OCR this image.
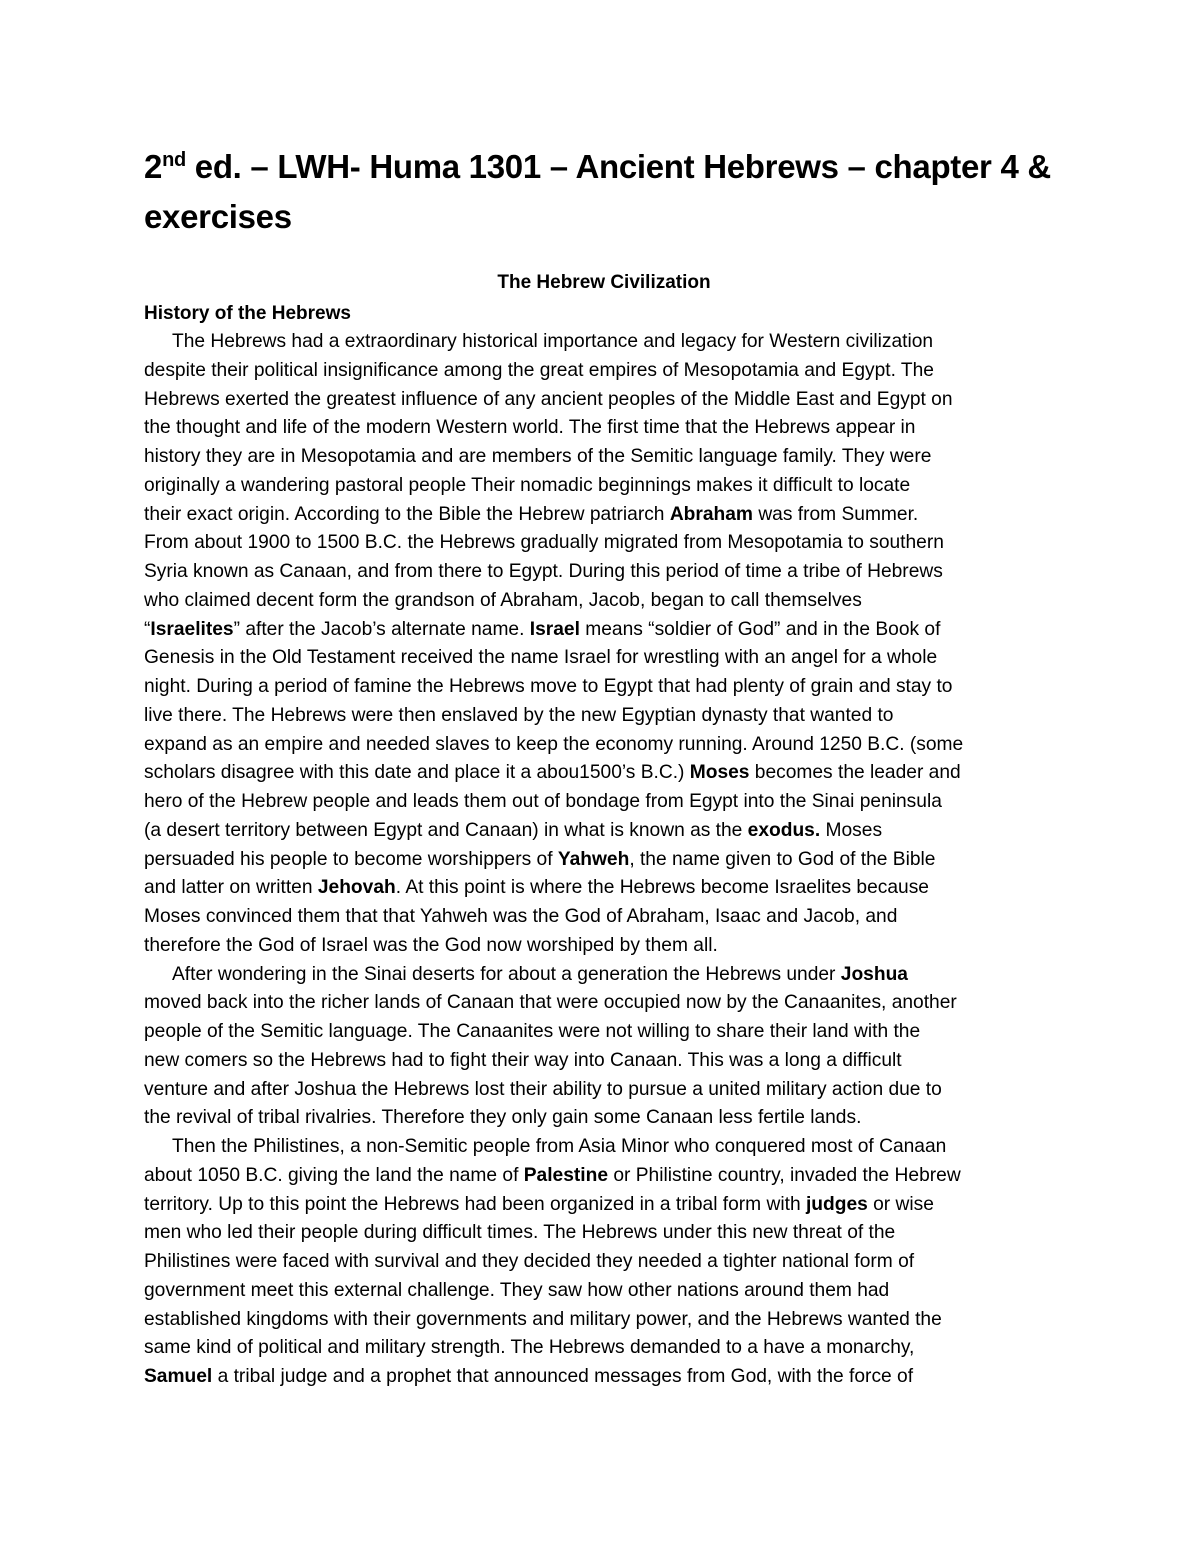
2nd ed. – LWH- Huma 1301 – Ancient Hebrews – chapter 4 & exercises
The Hebrew Civilization
History of the Hebrews

The Hebrews had a extraordinary historical importance and legacy for Western civilization
despite their political insignificance among the great empires of Mesopotamia and Egypt. The
Hebrews exerted the greatest influence of any ancient peoples of the Middle East and Egypt on
the thought and life of the modern Western world. The first time that the Hebrews appear in
history they are in Mesopotamia and are members of the Semitic language family. They were
originally a wandering pastoral people Their nomadic beginnings makes it difficult to locate
their exact origin. According to the Bible the Hebrew patriarch Abraham was from Summer.
From about 1900 to 1500 B.C. the Hebrews gradually migrated from Mesopotamia to southern
Syria known as Canaan, and from there to Egypt. During this period of time a tribe of Hebrews
who claimed decent form the grandson of Abraham, Jacob, began to call themselves
“Israelites” after the Jacob’s alternate name. Israel means “soldier of God” and in the Book of
Genesis in the Old Testament received the name Israel for wrestling with an angel for a whole
night. During a period of famine the Hebrews move to Egypt that had plenty of grain and stay to
live there. The Hebrews were then enslaved by the new Egyptian dynasty that wanted to
expand as an empire and needed slaves to keep the economy running. Around 1250 B.C. (some
scholars disagree with this date and place it a abou1500’s B.C.) Moses becomes the leader and
hero of the Hebrew people and leads them out of bondage from Egypt into the Sinai peninsula
(a desert territory between Egypt and Canaan) in what is known as the exodus. Moses
persuaded his people to become worshippers of Yahweh, the name given to God of the Bible
and latter on written Jehovah. At this point is where the Hebrews become Israelites because
Moses convinced them that that Yahweh was the God of Abraham, Isaac and Jacob, and
therefore the God of Israel was the God now worshiped by them all.

After wondering in the Sinai deserts for about a generation the Hebrews under Joshua
moved back into the richer lands of Canaan that were occupied now by the Canaanites, another
people of the Semitic language. The Canaanites were not willing to share their land with the
new comers so the Hebrews had to fight their way into Canaan. This was a long a difficult
venture and after Joshua the Hebrews lost their ability to pursue a united military action due to
the revival of tribal rivalries. Therefore they only gain some Canaan less fertile lands.

Then the Philistines, a non-Semitic people from Asia Minor who conquered most of Canaan
about 1050 B.C. giving the land the name of Palestine or Philistine country, invaded the Hebrew
territory. Up to this point the Hebrews had been organized in a tribal form with judges or wise
men who led their people during difficult times. The Hebrews under this new threat of the
Philistines were faced with survival and they decided they needed a tighter national form of
government meet this external challenge. They saw how other nations around them had
established kingdoms with their governments and military power, and the Hebrews wanted the
same kind of political and military strength. The Hebrews demanded to a have a monarchy,
Samuel a tribal judge and a prophet that announced messages from God, with the force of
